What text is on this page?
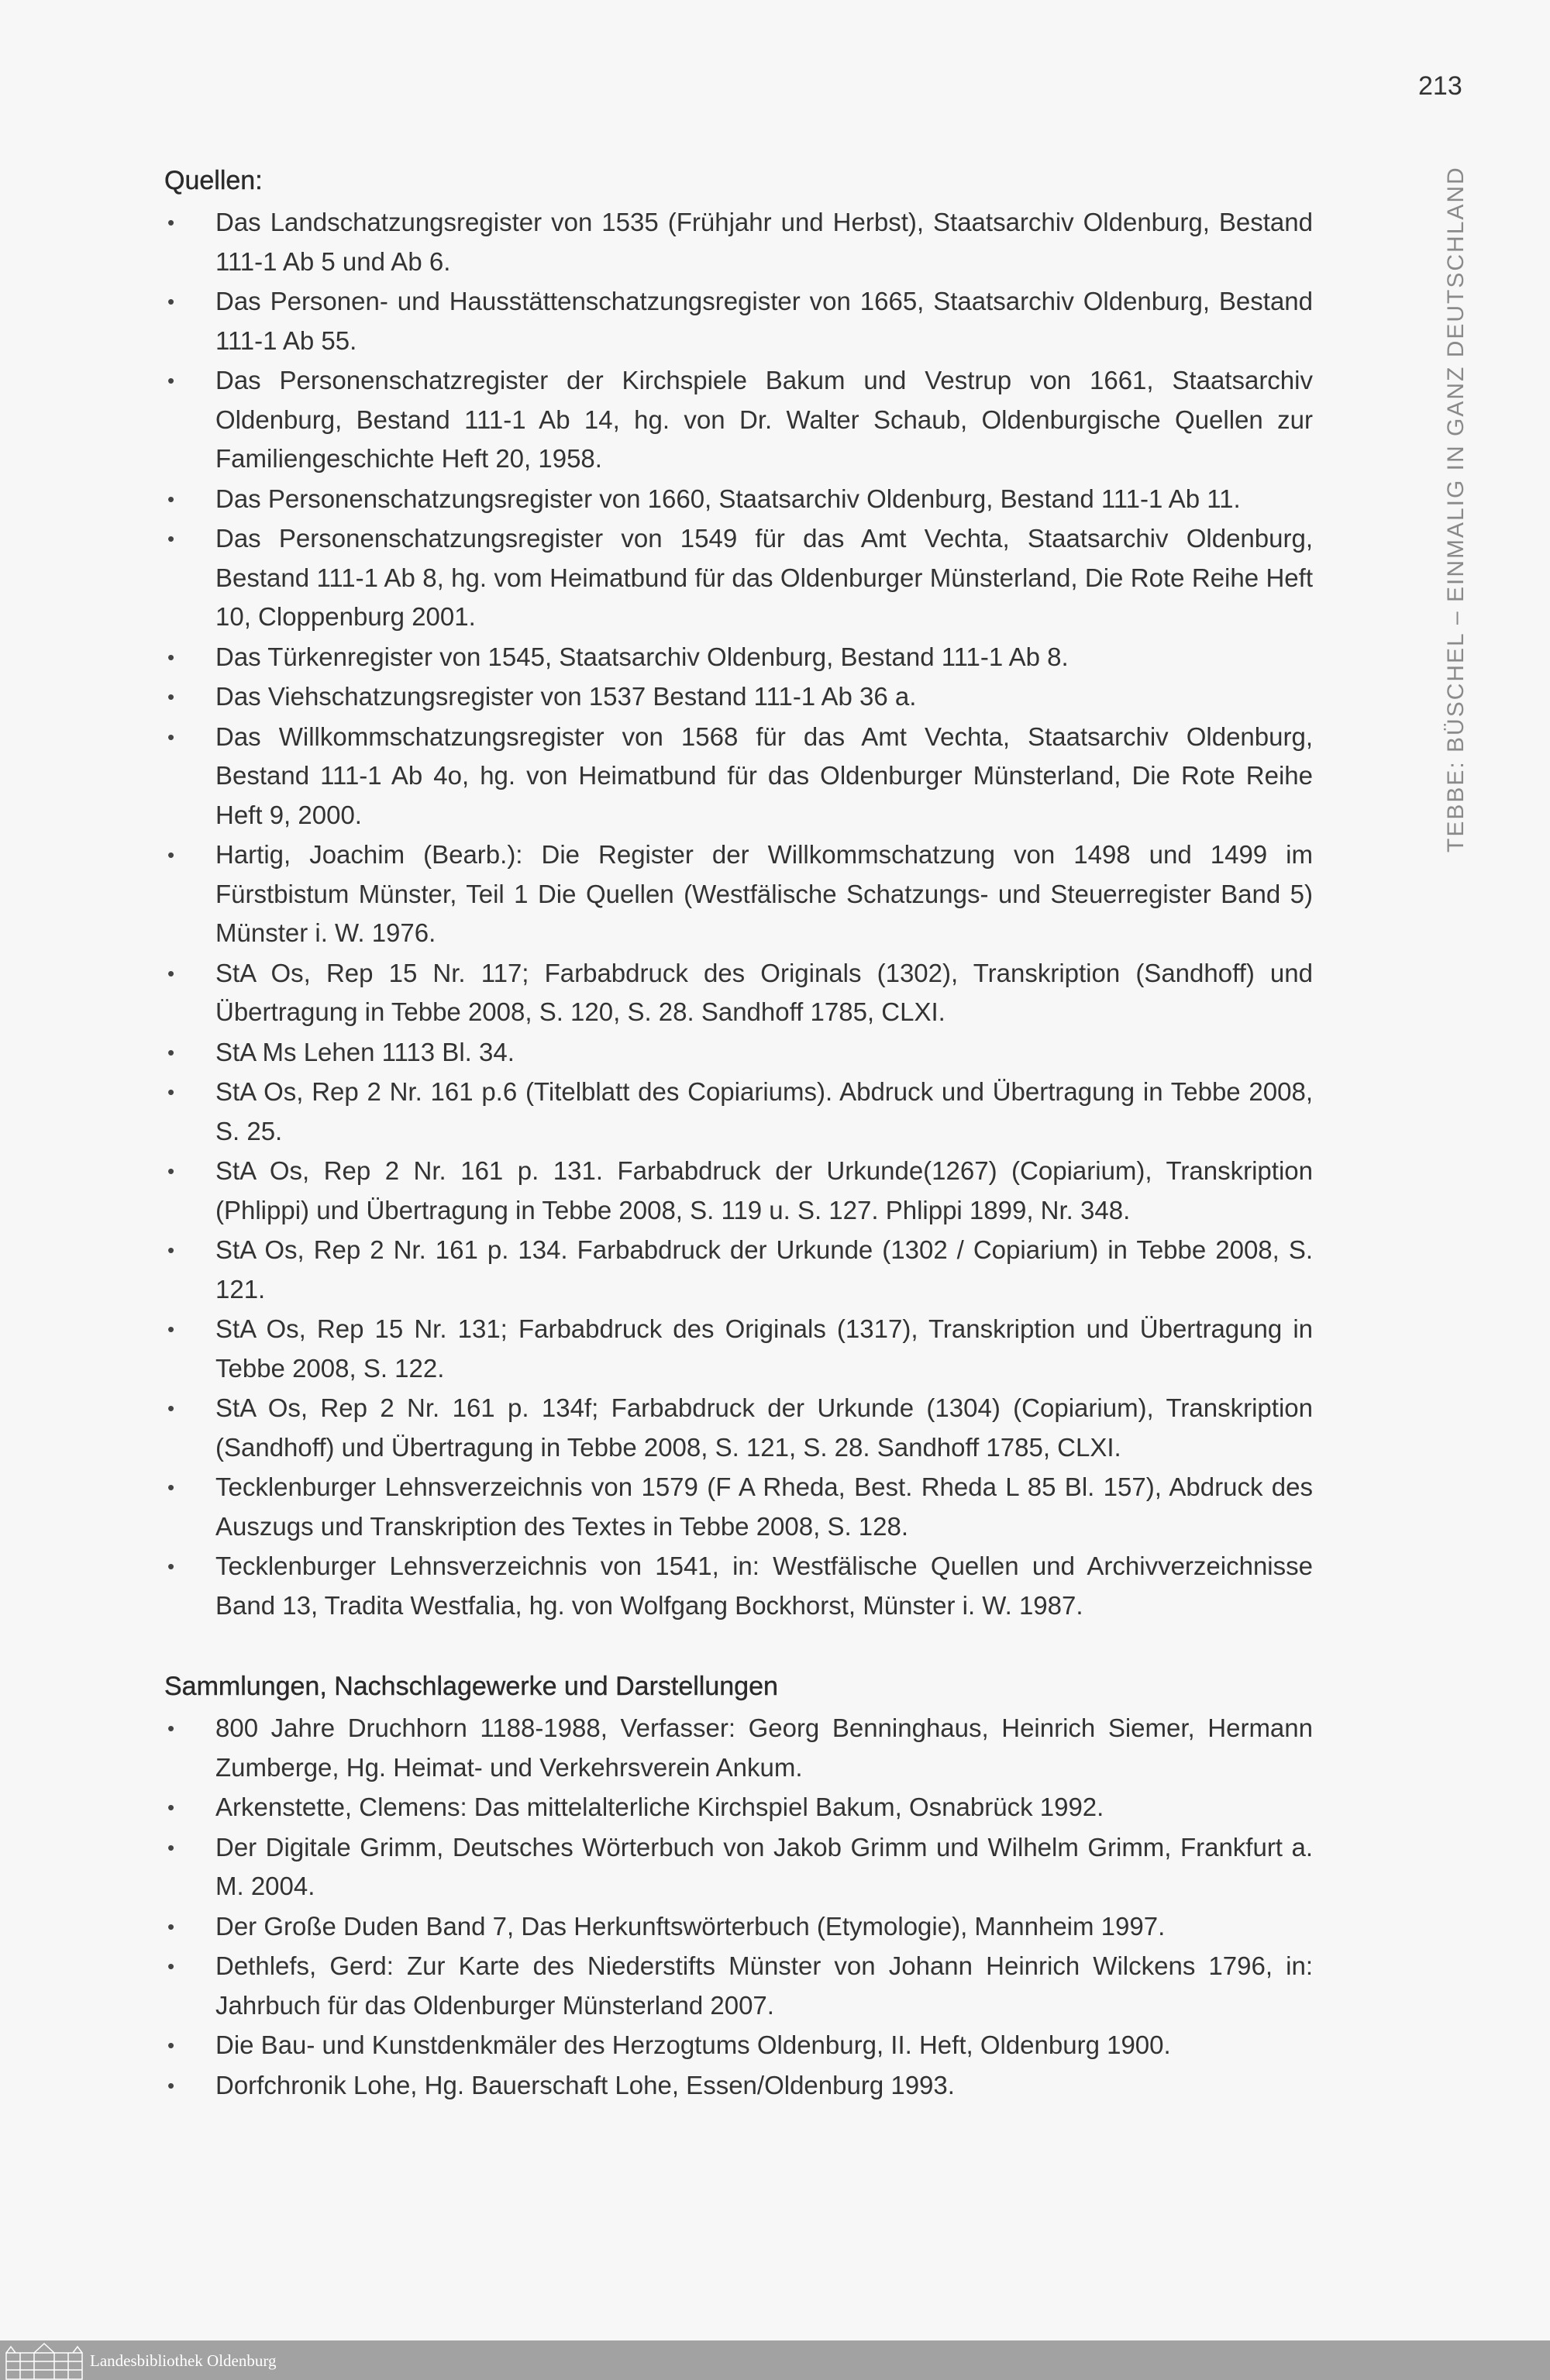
213
TEBBE: BÜSCHEL – EINMALIG IN GANZ DEUTSCHLAND
Quellen:
• Das Landschatzungsregister von 1535 (Frühjahr und Herbst), Staatsarchiv Oldenburg, Bestand 111-1 Ab 5 und Ab 6.
• Das Personen- und Hausstättenschatzungsregister von 1665, Staatsarchiv Oldenburg, Bestand 111-1 Ab 55.
• Das Personenschatzregister der Kirchspiele Bakum und Vestrup von 1661, Staatsarchiv Oldenburg, Bestand 111-1 Ab 14, hg. von Dr. Walter Schaub, Oldenburgische Quellen zur Familiengeschichte Heft 20, 1958.
• Das Personenschatzungsregister von 1660, Staatsarchiv Oldenburg, Bestand 111-1 Ab 11.
• Das Personenschatzungsregister von 1549 für das Amt Vechta, Staatsarchiv Oldenburg, Bestand 111-1 Ab 8, hg. vom Heimatbund für das Oldenburger Münsterland, Die Rote Reihe Heft 10, Cloppenburg 2001.
• Das Türkenregister von 1545, Staatsarchiv Oldenburg, Bestand 111-1 Ab 8.
• Das Viehschatzungsregister von 1537 Bestand 111-1 Ab 36 a.
• Das Willkommschatzungsregister von 1568 für das Amt Vechta, Staatsarchiv Oldenburg, Bestand 111-1 Ab 4o, hg. von Heimatbund für das Oldenburger Münsterland, Die Rote Reihe Heft 9, 2000.
• Hartig, Joachim (Bearb.): Die Register der Willkommschatzung von 1498 und 1499 im Fürstbistum Münster, Teil 1 Die Quellen (Westfälische Schatzungs- und Steuerregister Band 5) Münster i. W. 1976.
• StA Os, Rep 15 Nr. 117; Farbabdruck des Originals (1302), Transkription (Sandhoff) und Übertragung in Tebbe 2008, S. 120, S. 28. Sandhoff 1785, CLXI.
• StA Ms Lehen 1113 Bl. 34.
• StA Os, Rep 2 Nr. 161 p.6 (Titelblatt des Copiariums). Abdruck und Übertragung in Tebbe 2008, S. 25.
• StA Os, Rep 2 Nr. 161 p. 131. Farbabdruck der Urkunde(1267) (Copiarium), Transkription (Phlippi) und Übertragung in Tebbe 2008, S. 119 u. S. 127. Phlippi 1899, Nr. 348.
• StA Os, Rep 2 Nr. 161 p. 134. Farbabdruck der Urkunde (1302 / Copiarium) in Tebbe 2008, S. 121.
• StA Os, Rep 15 Nr. 131; Farbabdruck des Originals (1317), Transkription und Übertragung in Tebbe 2008, S. 122.
• StA Os, Rep 2 Nr. 161 p. 134f; Farbabdruck der Urkunde (1304) (Copiarium), Transkription (Sandhoff) und Übertragung in Tebbe 2008, S. 121, S. 28. Sandhoff 1785, CLXI.
• Tecklenburger Lehnsverzeichnis von 1579 (F A Rheda, Best. Rheda L 85 Bl. 157), Abdruck des Auszugs und Transkription des Textes in Tebbe 2008, S. 128.
• Tecklenburger Lehnsverzeichnis von 1541, in: Westfälische Quellen und Archivverzeichnisse Band 13, Tradita Westfalia, hg. von Wolfgang Bockhorst, Münster i. W. 1987.
Sammlungen, Nachschlagewerke und Darstellungen
• 800 Jahre Druchhorn 1188-1988, Verfasser: Georg Benninghaus, Heinrich Siemer, Hermann Zumberge, Hg. Heimat- und Verkehrsverein Ankum.
• Arkenstette, Clemens: Das mittelalterliche Kirchspiel Bakum, Osnabrück 1992.
• Der Digitale Grimm, Deutsches Wörterbuch von Jakob Grimm und Wilhelm Grimm, Frankfurt a. M. 2004.
• Der Große Duden Band 7, Das Herkunftswörterbuch (Etymologie), Mannheim 1997.
• Dethlefs, Gerd: Zur Karte des Niederstifts Münster von Johann Heinrich Wilckens 1796, in: Jahrbuch für das Oldenburger Münsterland 2007.
• Die Bau- und Kunstdenkmäler des Herzogtums Oldenburg, II. Heft, Oldenburg 1900.
• Dorfchronik Lohe, Hg. Bauerschaft Lohe, Essen/Oldenburg 1993.
Landesbibliothek Oldenburg
